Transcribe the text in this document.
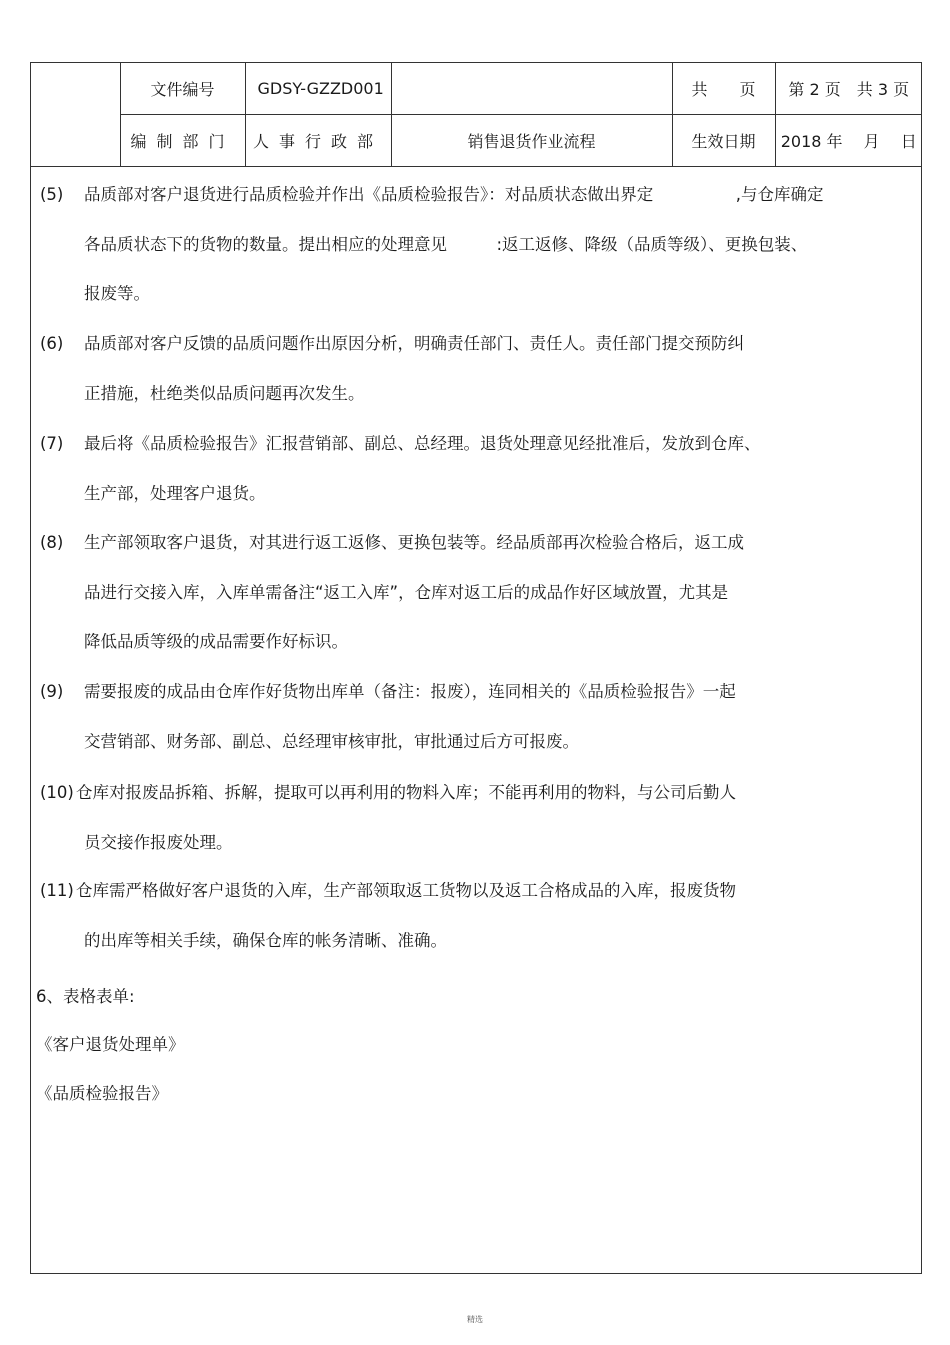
	文件编号	GDSY-GZZD001		共　　页	第 2 页　共 3 页
	编制部门	人事行政部	销售退货作业流程	生效日期	2018 年　 月　 日
(5)	品质部对客户退货进行品质检验并作出《品质检验报告》：对品质状态做出界定　　　　　,与仓库确定
各品质状态下的货物的数量。提出相应的处理意见　　　:返工返修、降级（品质等级）、更换包装、
报废等。
(6)	品质部对客户反馈的品质问题作出原因分析，明确责任部门、责任人。责任部门提交预防纠
正措施，杜绝类似品质问题再次发生。
(7)	最后将《品质检验报告》汇报营销部、副总、总经理。退货处理意见经批准后，发放到仓库、
生产部，处理客户退货。
(8)	生产部领取客户退货，对其进行返工返修、更换包装等。经品质部再次检验合格后，返工成
品进行交接入库，入库单需备注“返工入库”，仓库对返工后的成品作好区域放置，尤其是
降低品质等级的成品需要作好标识。
(9)	需要报废的成品由仓库作好货物出库单（备注：报废），连同相关的《品质检验报告》一起
交营销部、财务部、副总、总经理审核审批，审批通过后方可报废。
(10) 仓库对报废品拆箱、拆解，提取可以再利用的物料入库；不能再利用的物料，与公司后勤人
员交接作报废处理。
(11) 仓库需严格做好客户退货的入库，生产部领取返工货物以及返工合格成品的入库，报废货物
的出库等相关手续，确保仓库的帐务清晰、准确。
6、表格表单:
《客户退货处理单》
《品质检验报告》
精选
